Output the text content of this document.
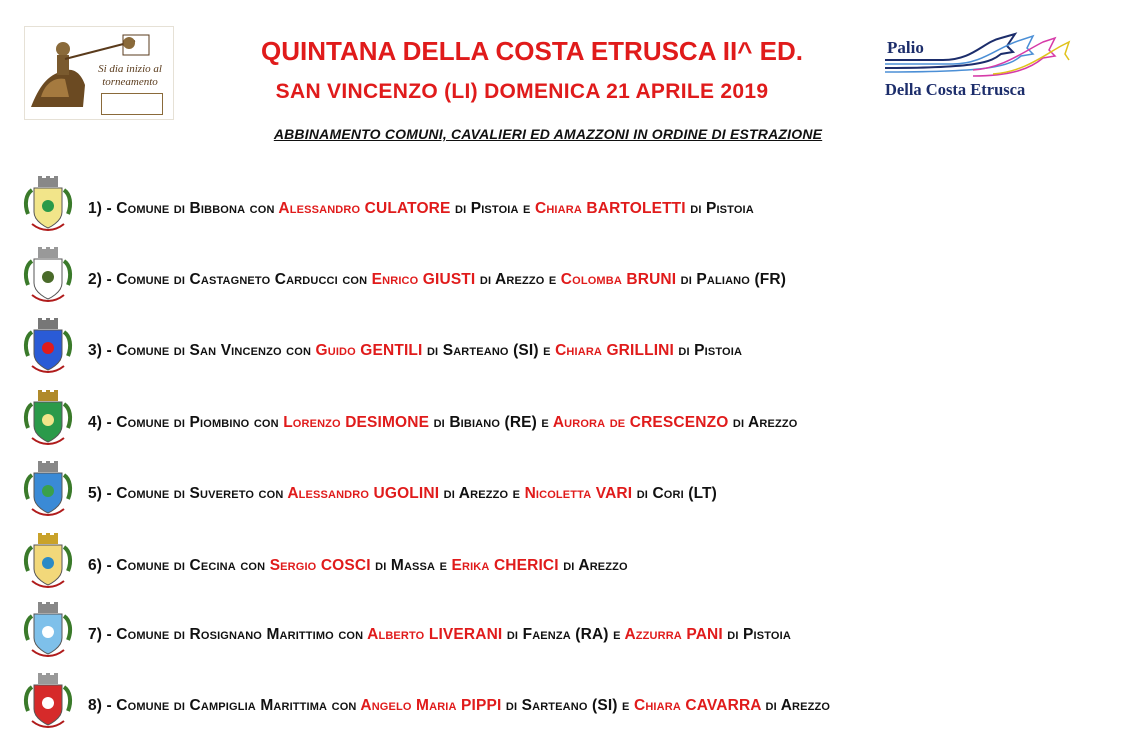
Si dia inizio al torneamento
QUINTANA DELLA COSTA ETRUSCA II^ ED.
SAN VINCENZO (LI) DOMENICA 21 APRILE 2019
ABBINAMENTO COMUNI, CAVALIERI ED AMAZZONI IN ORDINE DI ESTRAZIONE
Palio
Della Costa Etrusca
1) - Comune di Bibbona con Alessandro CULATORE di Pistoia e Chiara BARTOLETTI di Pistoia
2) - Comune di Castagneto Carducci con Enrico GIUSTI di Arezzo e Colomba BRUNI di Paliano (FR)
3) - Comune di San Vincenzo con Guido GENTILI di Sarteano (SI) e Chiara GRILLINI di Pistoia
4) - Comune di Piombino con Lorenzo DESIMONE di Bibiano (RE) e Aurora de CRESCENZO di Arezzo
5) - Comune di Suvereto con Alessandro UGOLINI di Arezzo e Nicoletta VARI di Cori (LT)
6) - Comune di Cecina con Sergio COSCI di Massa e Erika CHERICI di Arezzo
7) - Comune di Rosignano Marittimo con Alberto LIVERANI di Faenza (RA) e Azzurra PANI di Pistoia
8) - Comune di Campiglia Marittima con Angelo Maria PIPPI di Sarteano (SI) e Chiara CAVARRA di Arezzo
